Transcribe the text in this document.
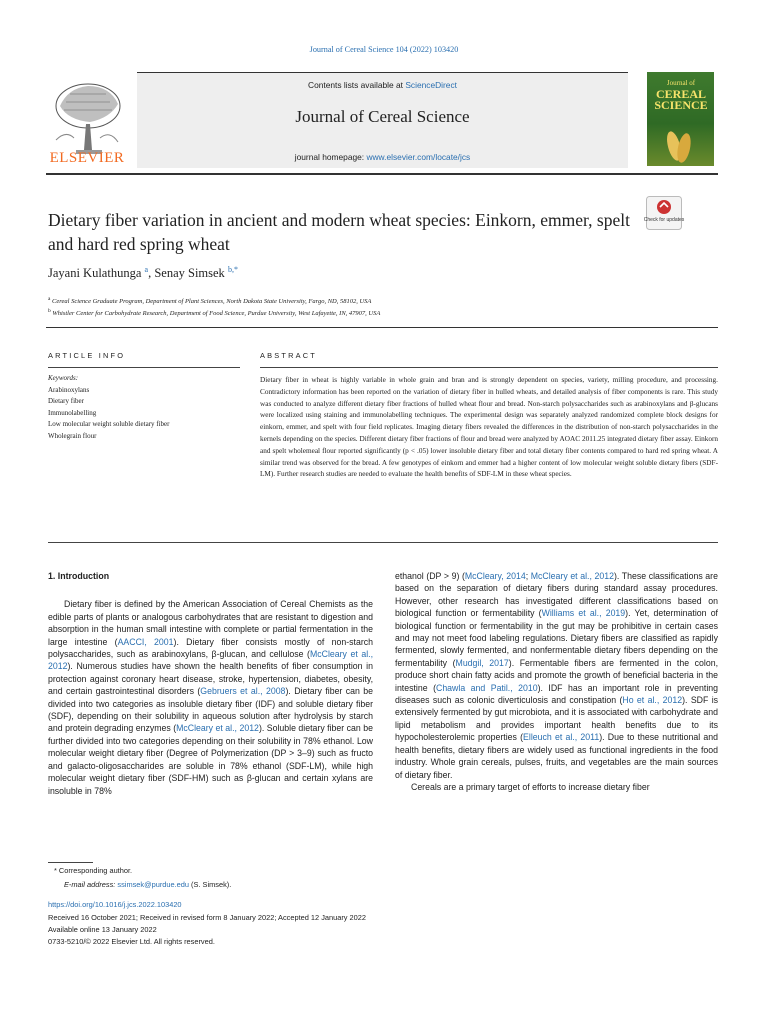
Journal of Cereal Science 104 (2022) 103420
ELSEVIER
Contents lists available at ScienceDirect
Journal of Cereal Science
journal homepage: www.elsevier.com/locate/jcs
Journal of
CEREAL
SCIENCE
Check for updates
Dietary fiber variation in ancient and modern wheat species: Einkorn, emmer, spelt and hard red spring wheat
Jayani Kulathunga $^a$, Senay Simsek $^{b,*}$
$^a$ Cereal Science Graduate Program, Department of Plant Sciences, North Dakota State University, Fargo, ND, 58102, USA
$^b$ Whistler Center for Carbohydrate Research, Department of Food Science, Purdue University, West Lafayette, IN, 47907, USA
ARTICLE INFO	ABSTRACT
Keywords:
Arabinoxylans
Dietary fiber
Immunolabelling
Low molecular weight soluble dietary fiber
Wholegrain flour
Dietary fiber in wheat is highly variable in whole grain and bran and is strongly dependent on species, variety, milling procedure, and processing. Contradictory information has been reported on the variation of dietary fiber in hulled wheats, and detailed analysis of fiber components is rare. This study was conducted to analyze different dietary fiber fractions of hulled wheat flour and bread. Non-starch polysaccharides such as arabinoxylans and β-glucans were localized using staining and immunolabelling techniques. The experimental design was separately analyzed randomized complete block designs for einkorn, emmer, and spelt with four field replicates. Imaging dietary fibers revealed the differences in the distribution of non-starch polysaccharides in the kernels depending on the species. Different dietary fiber fractions of flour and bread were analyzed by AOAC 2011.25 integrated dietary fiber assay. Einkorn and spelt wholemeal flour reported significantly (p < .05) lower insoluble dietary fiber and total dietary fiber contents compared to hard red spring wheat. A similar trend was observed for the bread. A few genotypes of einkorn and emmer had a higher content of low molecular weight soluble dietary fibers (SDF-LM). Further research studies are needed to evaluate the health benefits of SDF-LM in these wheat species.
1. Introduction

Dietary fiber is defined by the American Association of Cereal Chemists as the edible parts of plants or analogous carbohydrates that are resistant to digestion and absorption in the human small intestine with complete or partial fermentation in the large intestine (AACCI, 2001). Dietary fiber consists mostly of non-starch polysaccharides, such as arabinoxylans, β-glucan, and cellulose (McCleary et al., 2012). Numerous studies have shown the health benefits of fiber consumption in protection against coronary heart disease, stroke, hypertension, diabetes, obesity, and certain gastrointestinal disorders (Gebruers et al., 2008). Dietary fiber can be divided into two categories as insoluble dietary fiber (IDF) and soluble dietary fiber (SDF), depending on their solubility in aqueous solution after hydrolysis by starch and protein degrading enzymes (McCleary et al., 2012). Soluble dietary fiber can be further divided into two categories depending on their solubility in 78% ethanol. Low molecular weight dietary fiber (Degree of Polymerization (DP > 3–9) such as fructo and galacto-oligosaccharides are soluble in 78% ethanol (SDF-LM), while high molecular weight dietary fiber (SDF-HM) such as β-glucan and certain xylans are insoluble in 78%

ethanol (DP > 9) (McCleary, 2014; McCleary et al., 2012). These classifications are based on the separation of dietary fibers during standard assay procedures. However, other research has investigated different classifications based on biological function or fermentability (Williams et al., 2019). Yet, determination of biological function or fermentability in the gut may be prohibitive in certain cases and may not meet food labeling regulations. Dietary fibers are classified as rapidly fermented, slowly fermented, and nonfermentable dietary fibers depending on the fermentability (Mudgil, 2017). Fermentable fibers are fermented in the colon, produce short chain fatty acids and promote the growth of beneficial bacteria in the intestine (Chawla and Patil., 2010). IDF has an important role in preventing diseases such as colonic diverticulosis and constipation (Ho et al., 2012). SDF is extensively fermented by gut microbiota, and it is associated with carbohydrate and lipid metabolism and provides important health benefits due to its hypocholesterolemic properties (Elleuch et al., 2011). Due to these nutritional and health benefits, dietary fibers are widely used as functional ingredients in the food industry. Whole grain cereals, pulses, fruits, and vegetables are the main sources of dietary fiber.

Cereals are a primary target of efforts to increase dietary fiber

* Corresponding author.
E-mail address: ssimsek@purdue.edu (S. Simsek).
https://doi.org/10.1016/j.jcs.2022.103420
Received 16 October 2021; Received in revised form 8 January 2022; Accepted 12 January 2022
Available online 13 January 2022
0733-5210/© 2022 Elsevier Ltd. All rights reserved.
